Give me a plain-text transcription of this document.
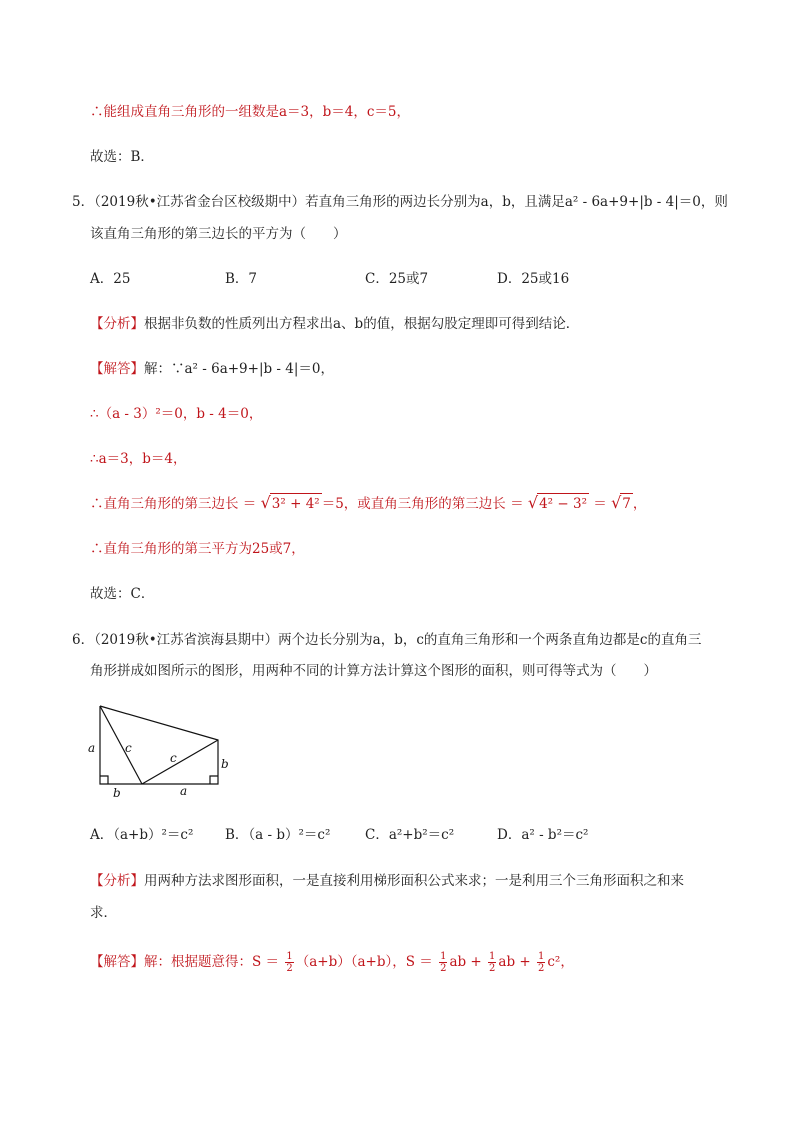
∴能组成直角三角形的一组数是a＝3，b＝4，c＝5，
故选：B．
5．（2019秋•江苏省金台区校级期中）若直角三角形的两边长分别为a，b，且满足a² - 6a+9+|b - 4|＝0，则
该直角三角形的第三边长的平方为（　　）
A．25	B．7	C．25或7	D．25或16
【分析】根据非负数的性质列出方程求出a、b的值，根据勾股定理即可得到结论．
【解答】解：∵a² - 6a+9+|b - 4|＝0，
∴（a - 3）²＝0，b - 4＝0，
∴a＝3，b＝4，
∴直角三角形的第三边长 ＝ √3² + 4² ＝5，或直角三角形的第三边长 ＝ √4² − 3² ＝ √7 ，
∴直角三角形的第三平方为25或7，
故选：C．
6．（2019秋•江苏省滨海县期中）两个边长分别为a，b，c的直角三角形和一个两条直角边都是c的直角三
角形拼成如图所示的图形，用两种不同的计算方法计算这个图形的面积，则可得等式为（　　）
a c
c	b
b	a
A．（a+b）²＝c² B．（a - b）²＝c²	C．a²+b²＝c²	D．a² - b²＝c²
【分析】用两种方法求图形面积，一是直接利用梯形面积公式来求；一是利用三个三角形面积之和来
求．
【解答】解：根据题意得：$S = \frac{1}{2} (a+b)(a+b)$，$S = \frac{1}{2}$ ab + $\frac{1}{2}$ ab + $\frac{1}{2} c^2$，
